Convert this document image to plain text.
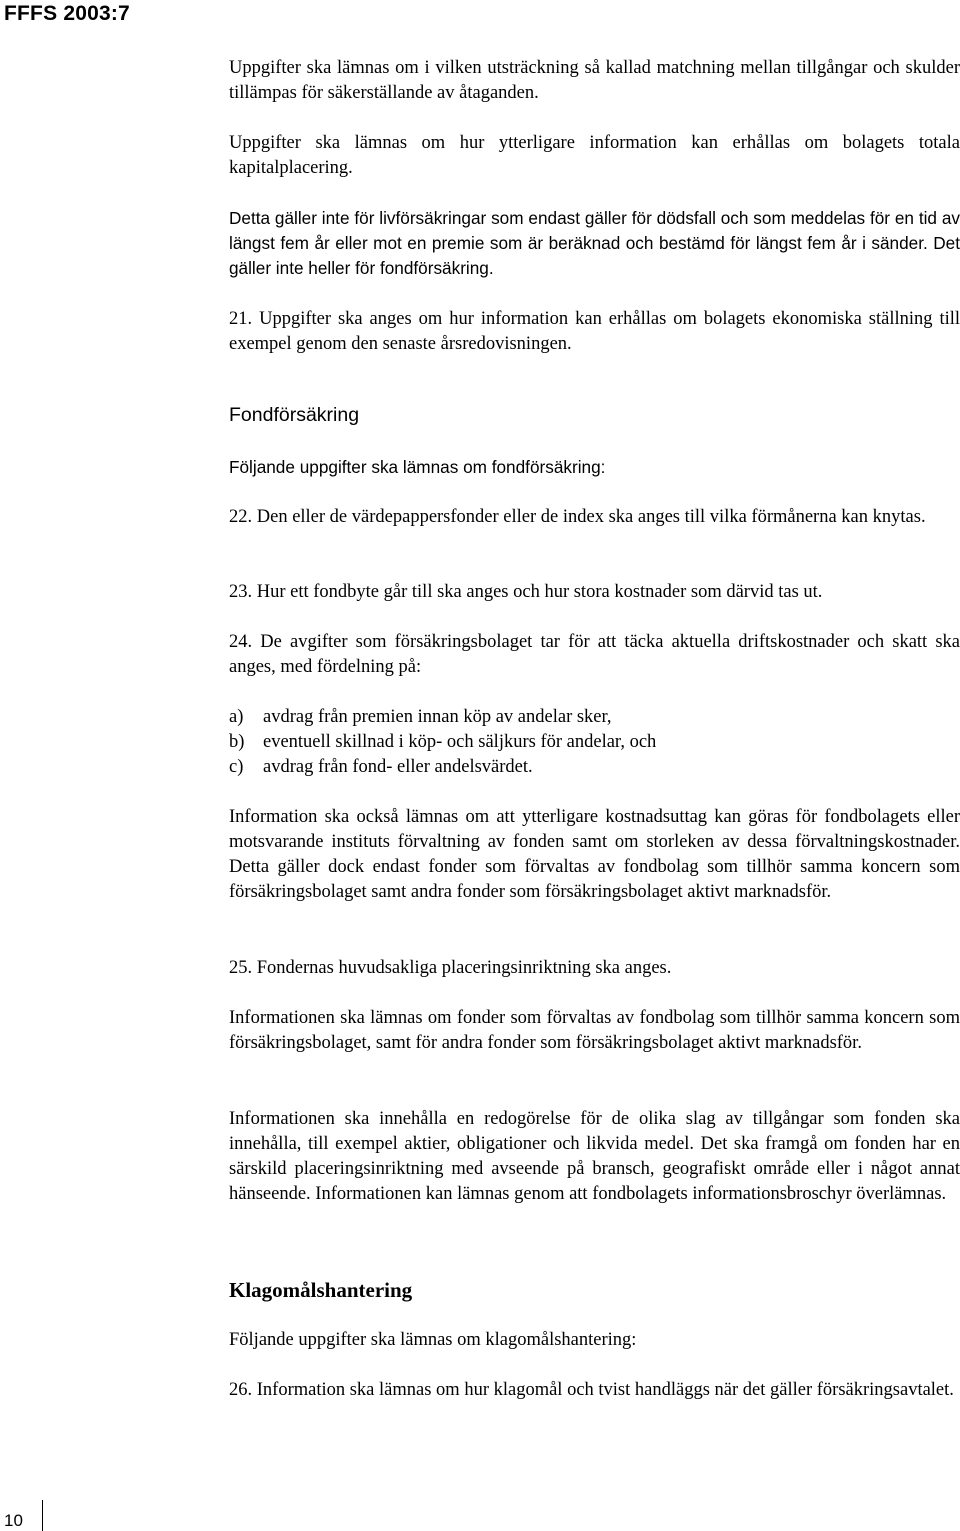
FFFS 2003:7

Uppgifter ska lämnas om i vilken utsträckning så kallad matchning mellan tillgångar och skulder tillämpas för säkerställande av åtaganden.

Uppgifter ska lämnas om hur ytterligare information kan erhållas om bolagets totala kapitalplacering.

Detta gäller inte för livförsäkringar som endast gäller för dödsfall och som meddelas för en tid av längst fem år eller mot en premie som är beräknad och bestämd för längst fem år i sänder. Det gäller inte heller för fondförsäkring.

21. Uppgifter ska anges om hur information kan erhållas om bolagets ekonomiska ställning till exempel genom den senaste årsredovisningen.

Fondförsäkring

Följande uppgifter ska lämnas om fondförsäkring:

22. Den eller de värdepappersfonder eller de index ska anges till vilka förmånerna kan knytas.

23. Hur ett fondbyte går till ska anges och hur stora kostnader som därvid tas ut.

24. De avgifter som försäkringsbolaget tar för att täcka aktuella driftskostnader och skatt ska anges, med fördelning på:

a)	avdrag från premien innan köp av andelar sker,
b)	eventuell skillnad i köp- och säljkurs för andelar, och
c)	avdrag från fond- eller andelsvärdet.

Information ska också lämnas om att ytterligare kostnadsuttag kan göras för fondbolagets eller motsvarande instituts förvaltning av fonden samt om storleken av dessa förvaltningskostnader. Detta gäller dock endast fonder som förvaltas av fondbolag som tillhör samma koncern som försäkringsbolaget samt andra fonder som försäkringsbolaget aktivt marknadsför.

25. Fondernas huvudsakliga placeringsinriktning ska anges.

Informationen ska lämnas om fonder som förvaltas av fondbolag som tillhör samma koncern som försäkringsbolaget, samt för andra fonder som försäkringsbolaget aktivt marknadsför.

Informationen ska innehålla en redogörelse för de olika slag av tillgångar som fonden ska innehålla, till exempel aktier, obligationer och likvida medel. Det ska framgå om fonden har en särskild placeringsinriktning med avseende på bransch, geografiskt område eller i något annat hänseende. Informationen kan lämnas genom att fondbolagets informationsbroschyr överlämnas.

Klagomålshantering

Följande uppgifter ska lämnas om klagomålshantering:

26. Information ska lämnas om hur klagomål och tvist handläggs när det gäller försäkringsavtalet.

10
